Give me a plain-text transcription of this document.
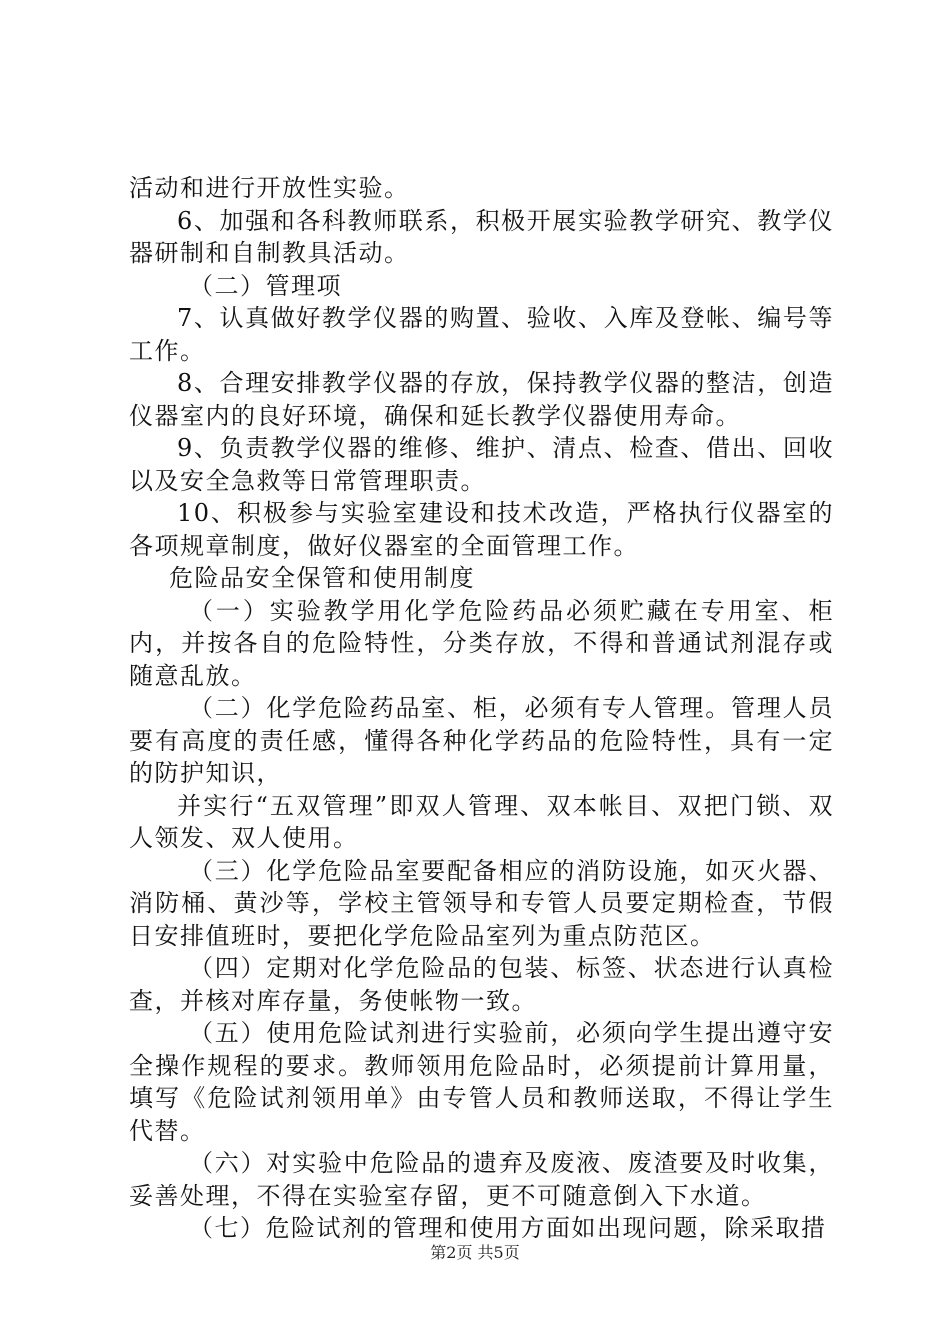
活动和进行开放性实验。

6、加强和各科教师联系，积极开展实验教学研究、教学仪器研制和自制教具活动。

（二）管理项

7、认真做好教学仪器的购置、验收、入库及登帐、编号等工作。

8、合理安排教学仪器的存放，保持教学仪器的整洁，创造仪器室内的良好环境，确保和延长教学仪器使用寿命。

9、负责教学仪器的维修、维护、清点、检查、借出、回收以及安全急救等日常管理职责。

10、积极参与实验室建设和技术改造，严格执行仪器室的各项规章制度，做好仪器室的全面管理工作。

危险品安全保管和使用制度

（一）实验教学用化学危险药品必须贮藏在专用室、柜内，并按各自的危险特性，分类存放，不得和普通试剂混存或随意乱放。

（二）化学危险药品室、柜，必须有专人管理。管理人员要有高度的责任感，懂得各种化学药品的危险特性，具有一定的防护知识，

并实行“五双管理”即双人管理、双本帐目、双把门锁、双人领发、双人使用。

（三）化学危险品室要配备相应的消防设施，如灭火器、消防桶、黄沙等，学校主管领导和专管人员要定期检查，节假日安排值班时，要把化学危险品室列为重点防范区。

（四）定期对化学危险品的包装、标签、状态进行认真检查，并核对库存量，务使帐物一致。

（五）使用危险试剂进行实验前，必须向学生提出遵守安全操作规程的要求。教师领用危险品时，必须提前计算用量，填写《危险试剂领用单》由专管人员和教师送取，不得让学生代替。

（六）对实验中危险品的遗弃及废液、废渣要及时收集，妥善处理，不得在实验室存留，更不可随意倒入下水道。

（七）危险试剂的管理和使用方面如出现问题，除采取措

第2页 共5页
